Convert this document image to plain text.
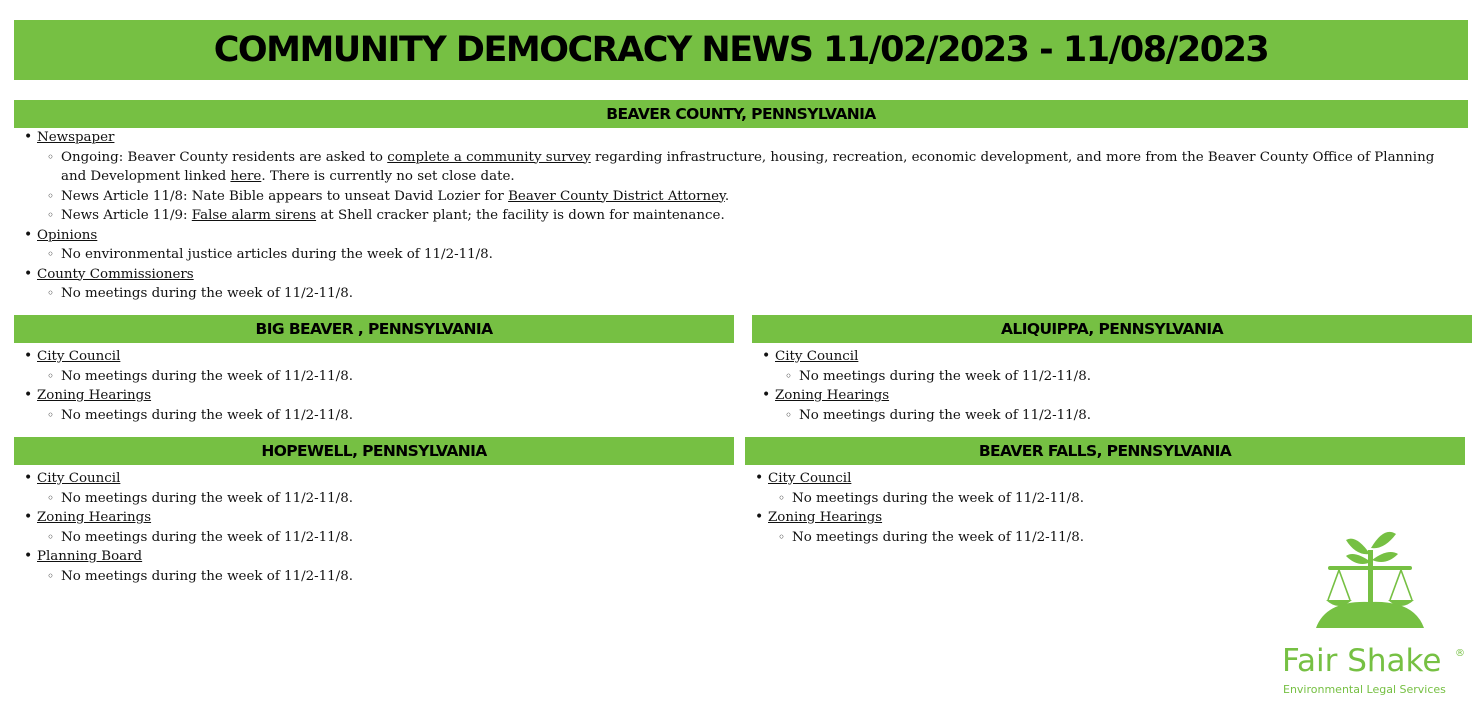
COMMUNITY DEMOCRACY NEWS 11/02/2023 - 11/08/2023
BEAVER COUNTY, PENNSYLVANIA
• Newspaper
◦ Ongoing: Beaver County residents are asked to complete a community survey regarding infrastructure, housing, recreation, economic development, and more from the Beaver County Office of Planning and Development linked here. There is currently no set close date.
◦ News Article 11/8: Nate Bible appears to unseat David Lozier for Beaver County District Attorney.
◦ News Article 11/9: False alarm sirens at Shell cracker plant; the facility is down for maintenance.
• Opinions
◦ No environmental justice articles during the week of 11/2-11/8.
• County Commissioners
◦ No meetings during the week of 11/2-11/8.
BIG BEAVER , PENNSYLVANIA
• City Council
◦ No meetings during the week of 11/2-11/8.
• Zoning Hearings
◦ No meetings during the week of 11/2-11/8.
ALIQUIPPA, PENNSYLVANIA
• City Council
◦ No meetings during the week of 11/2-11/8.
• Zoning Hearings
◦ No meetings during the week of 11/2-11/8.
HOPEWELL, PENNSYLVANIA
• City Council
◦ No meetings during the week of 11/2-11/8.
• Zoning Hearings
◦ No meetings during the week of 11/2-11/8.
• Planning Board
◦ No meetings during the week of 11/2-11/8.
BEAVER FALLS, PENNSYLVANIA
• City Council
◦ No meetings during the week of 11/2-11/8.
• Zoning Hearings
◦ No meetings during the week of 11/2-11/8.
Fair Shake ®
Environmental Legal Services
